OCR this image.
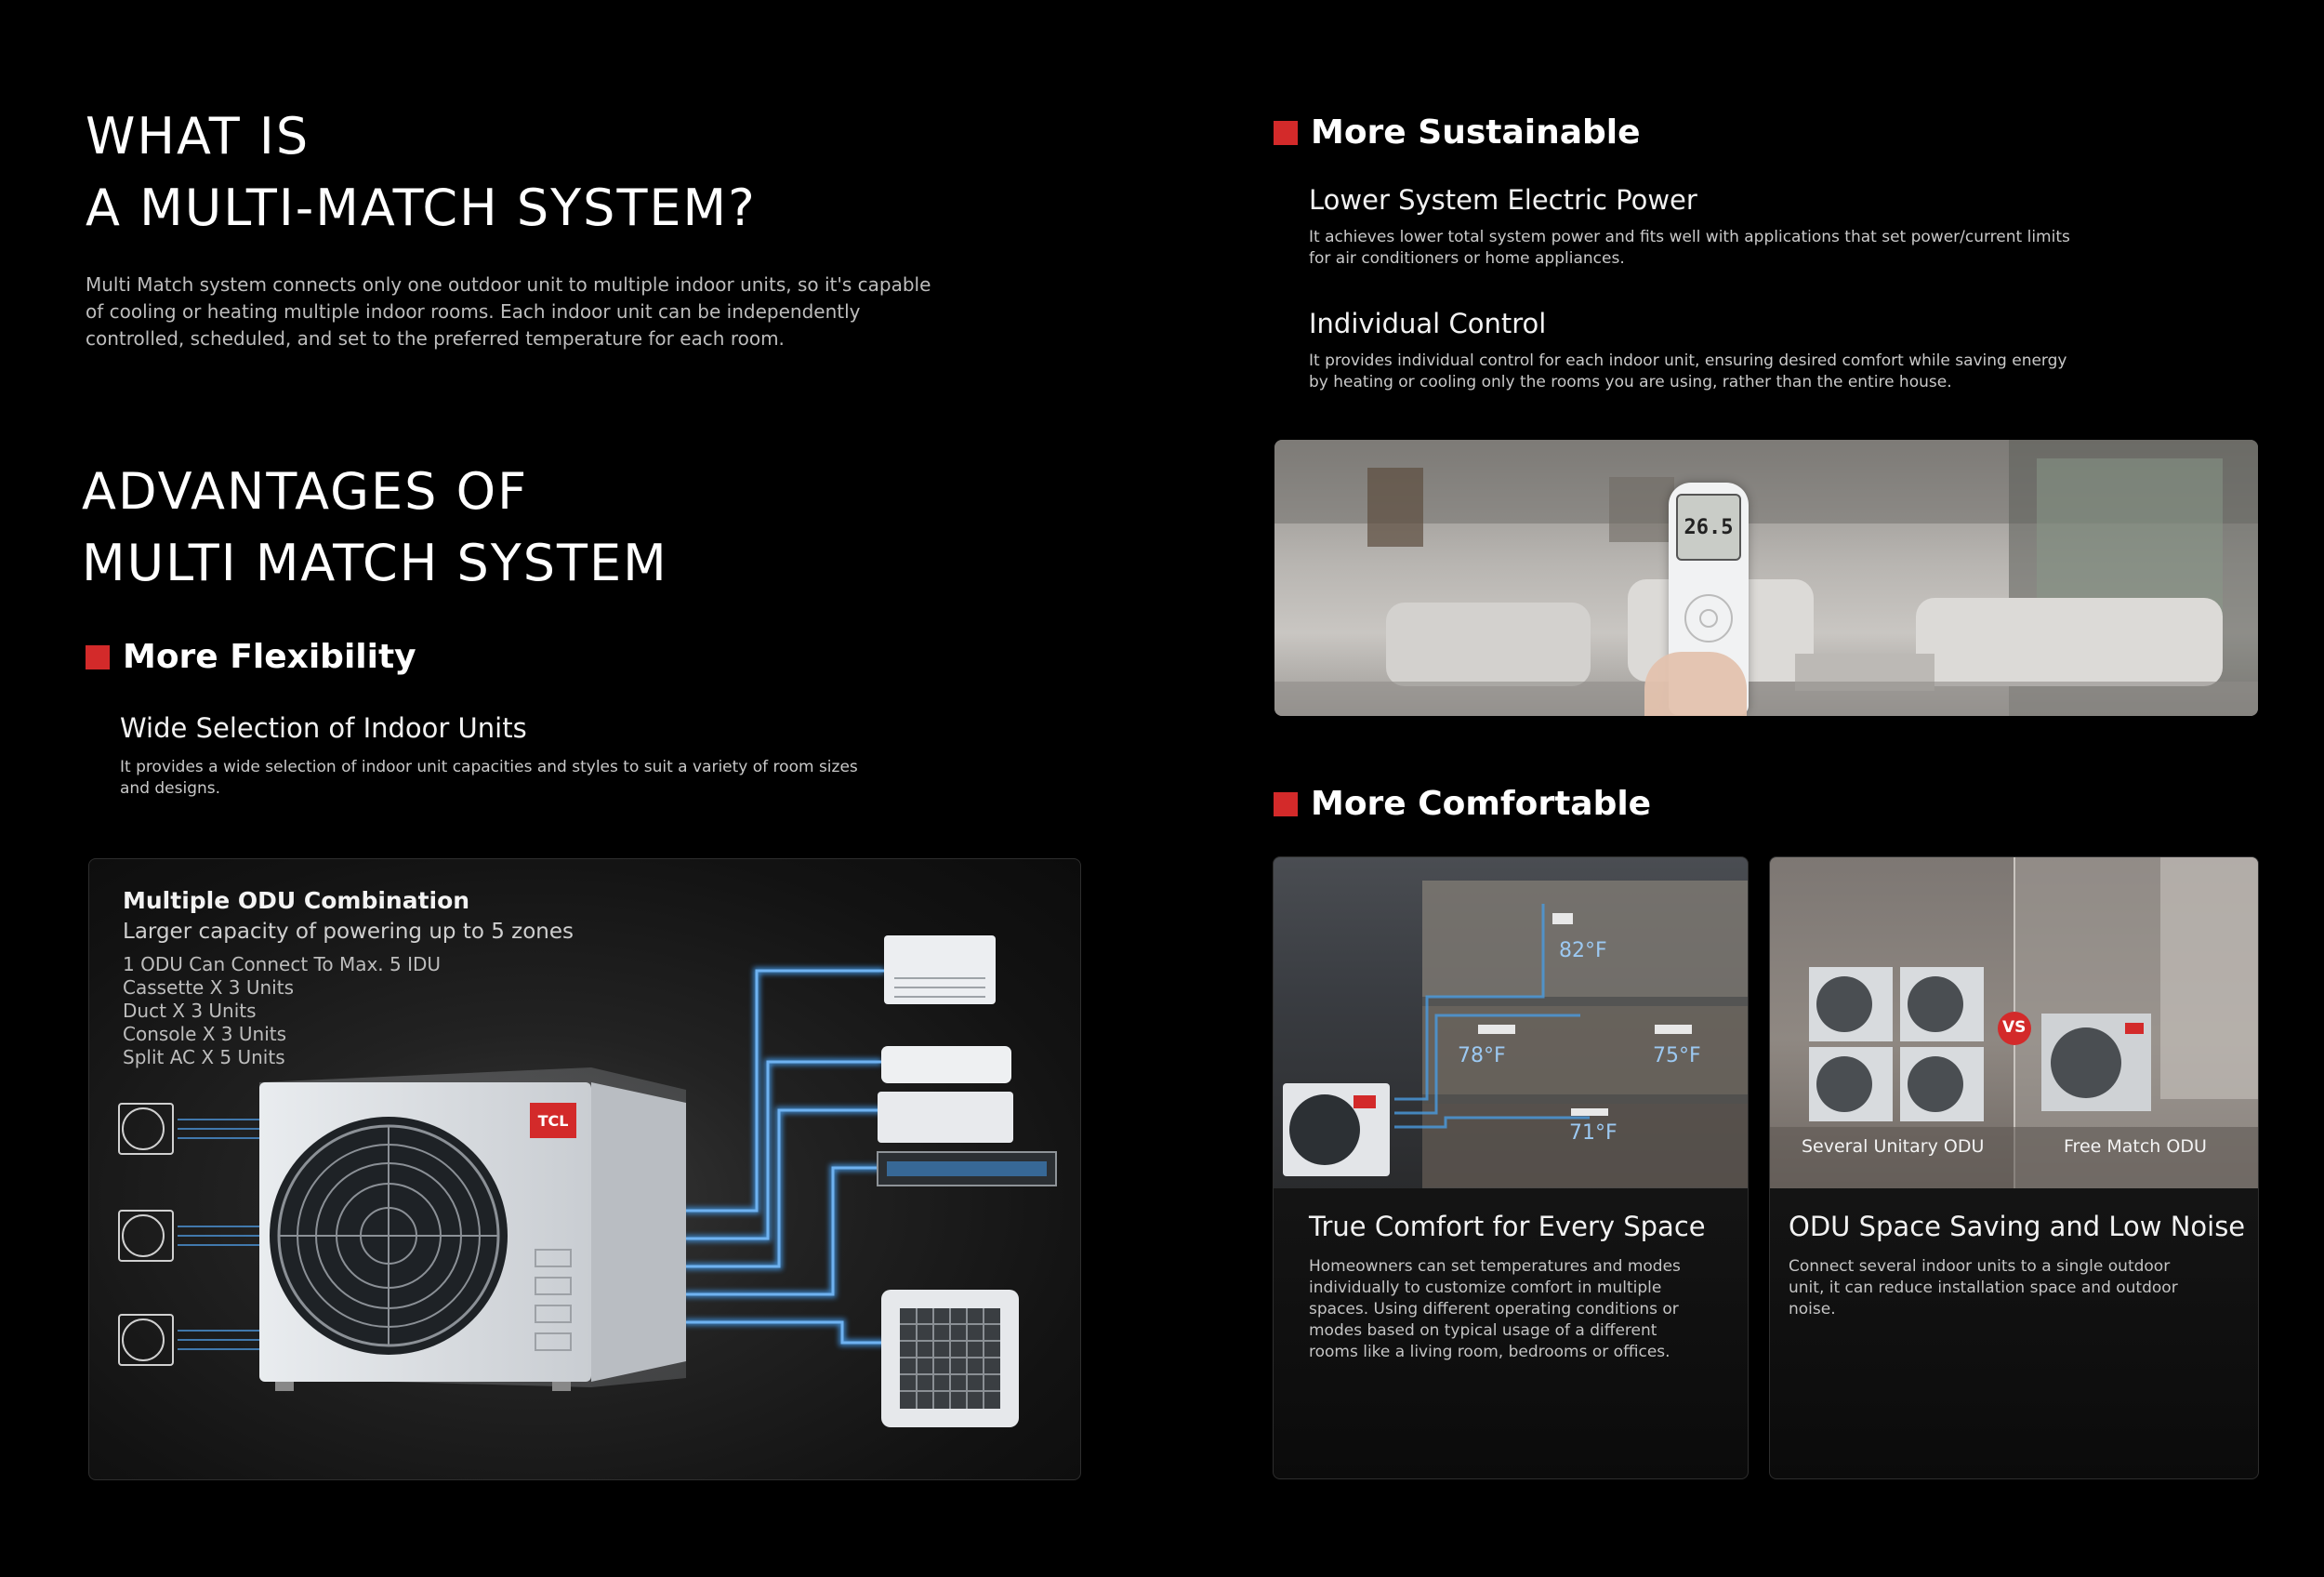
WHAT IS
A MULTI-MATCH SYSTEM?
Multi Match system connects only one outdoor unit to multiple indoor units, so it's capable
of cooling or heating multiple indoor rooms. Each indoor unit can be independently
controlled, scheduled, and set to the preferred temperature for each room.
ADVANTAGES OF
MULTI MATCH SYSTEM
More Flexibility
Wide Selection of Indoor Units
It provides a wide selection of indoor unit capacities and styles to suit a variety of room sizes
and designs.
Multiple ODU Combination
Larger capacity of powering up to 5 zones
1 ODU Can Connect To Max. 5 IDU
Cassette X 3 Units
Duct X 3 Units
Console X 3 Units
Split AC X 5 Units
TCL
More Sustainable
Lower System Electric Power
It achieves lower total system power and fits well with applications that set power/current limits
for air conditioners or home appliances.
Individual Control
It provides individual control for each indoor unit, ensuring desired comfort while saving energy
by heating or cooling only the rooms you are using, rather than the entire house.
26.5
More Comfortable
82°F
78°F	75°F
71°F
True Comfort for Every Space
Homeowners can set temperatures and modes
individually to customize comfort in multiple
spaces. Using different operating conditions or
modes based on typical usage of a different
rooms like a living room, bedrooms or offices.
VS
Several Unitary ODU	Free Match ODU
ODU Space Saving and Low Noise
Connect several indoor units to a single outdoor
unit, it can reduce installation space and outdoor
noise.
